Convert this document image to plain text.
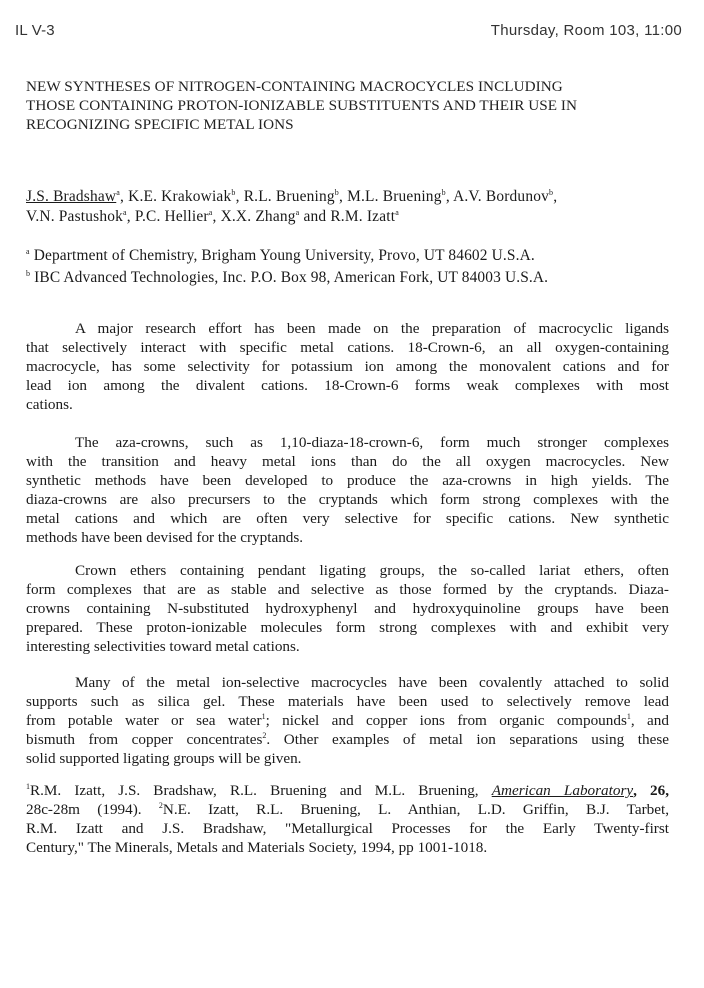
IL V-3	Thursday, Room 103, 11:00
NEW SYNTHESES OF NITROGEN-CONTAINING MACROCYCLES INCLUDING
THOSE CONTAINING PROTON-IONIZABLE SUBSTITUENTS AND THEIR USE IN
RECOGNIZING SPECIFIC METAL IONS
J.S. Bradshaw$^a$, K.E. Krakowiak$^b$, R.L. Bruening$^b$, M.L. Bruening$^b$, A.V. Bordunov$^b$,
V.N. Pastushok$^a$, P.C. Hellier$^a$, X.X. Zhang$^a$ and R.M. Izatt$^a$
$^a$ Department of Chemistry, Brigham Young University, Provo, UT 84602 U.S.A.
$^b$ IBC Advanced Technologies, Inc. P.O. Box 98, American Fork, UT 84003 U.S.A.
A major research effort has been made on the preparation of macrocyclic ligands
that selectively interact with specific metal cations. 18-Crown-6, an all oxygen-containing
macrocycle, has some selectivity for potassium ion among the monovalent cations and for
lead ion among the divalent cations. 18-Crown-6 forms weak complexes with most
cations.
The aza-crowns, such as 1,10-diaza-18-crown-6, form much stronger complexes
with the transition and heavy metal ions than do the all oxygen macrocycles. New
synthetic methods have been developed to produce the aza-crowns in high yields. The
diaza-crowns are also precursers to the cryptands which form strong complexes with the
metal cations and which are often very selective for specific cations. New synthetic
methods have been devised for the cryptands.
Crown ethers containing pendant ligating groups, the so-called lariat ethers, often
form complexes that are as stable and selective as those formed by the cryptands. Diaza-
crowns containing N-substituted hydroxyphenyl and hydroxyquinoline groups have been
prepared. These proton-ionizable molecules form strong complexes with and exhibit very
interesting selectivities toward metal cations.
Many of the metal ion-selective macrocycles have been covalently attached to solid
supports such as silica gel. These materials have been used to selectively remove lead
from potable water or sea water$^1$; nickel and copper ions from organic compounds$^1$, and
bismuth from copper concentrates$^2$. Other examples of metal ion separations using these
solid supported ligating groups will be given.
$^1$R.M. Izatt, J.S. Bradshaw, R.L. Bruening and M.L. Bruening, American Laboratory, 26,
28c-28m (1994). $^2$N.E. Izatt, R.L. Bruening, L. Anthian, L.D. Griffin, B.J. Tarbet,
R.M. Izatt and J.S. Bradshaw, "Metallurgical Processes for the Early Twenty-first
Century," The Minerals, Metals and Materials Society, 1994, pp 1001-1018.
